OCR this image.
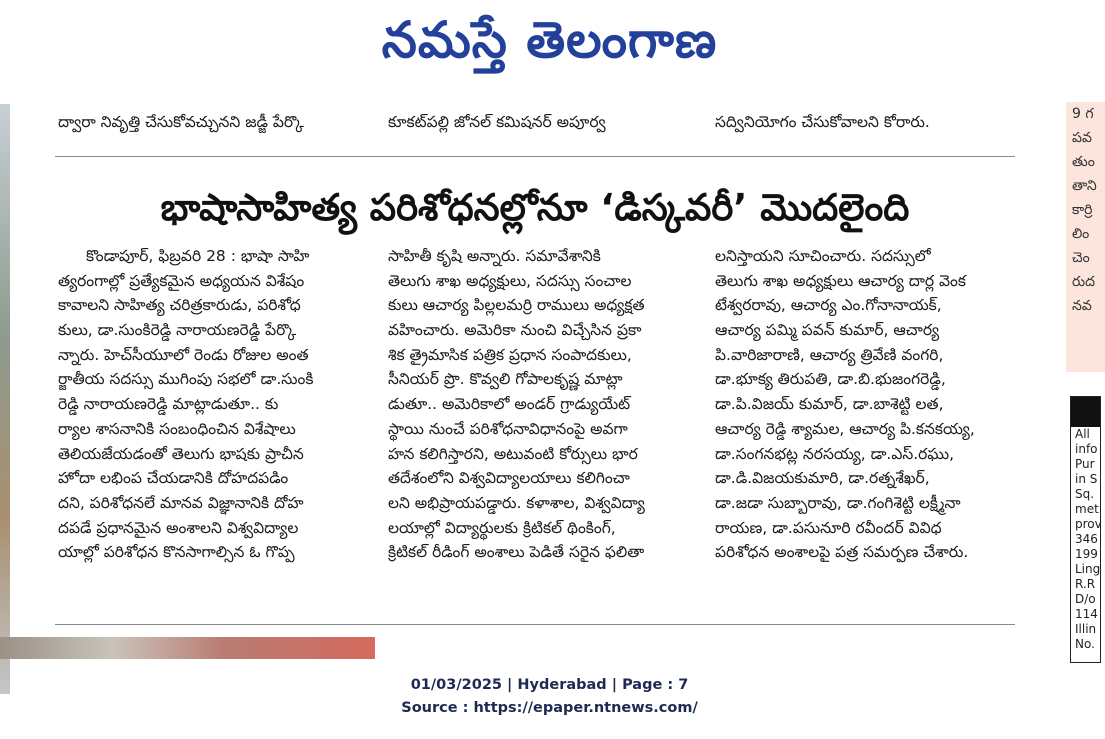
నమస్తే తెలంగాణ
ద్వారా నివృత్తి చేసుకోవచ్చునని జడ్జీ పేర్కొ	కూకట్‌పల్లి జోనల్ కమిషనర్ అపూర్వ	సద్వినియోగం చేసుకోవాలని కోరారు.
భాషాసాహిత్య పరిశోధనల్లోనూ ‘డిస్కవరీ’ మొదలైంది
కొండాపూర్, ఫిబ్రవరి 28 : భాషా సాహి
త్యరంగాల్లో ప్రత్యేకమైన అధ్యయన విశేషం
కావాలని సాహిత్య చరిత్రకారుడు, పరిశోధ
కులు, డా.సుంకిరెడ్డి నారాయణరెడ్డి పేర్కొ
న్నారు. హెచ్‌సీయూలో రెండు రోజుల అంత
ర్జాతీయ సదస్సు ముగింపు సభలో డా.సుంకి
రెడ్డి నారాయణరెడ్డి మాట్లాడుతూ.. కు
ర్యాల శాసనానికి సంబంధించిన విశేషాలు
తెలియజేయడంతో తెలుగు భాషకు ప్రాచీన
హోదా లభింప చేయడానికి దోహదపడిం
దని, పరిశోధనలే మానవ విజ్ఞానానికి దోహ
దపడే ప్రధానమైన అంశాలని విశ్వవిద్యాల
యాల్లో పరిశోధన కొనసాగాల్సిన ఓ గొప్ప
సాహితీ కృషి అన్నారు. సమావేశానికి
తెలుగు శాఖ అధ్యక్షులు, సదస్సు సంచాల
కులు ఆచార్య పిల్లలమర్రి రాములు అధ్యక్షత
వహించారు. అమెరికా నుంచి విచ్చేసిన ప్రకా
శిక త్రైమాసిక పత్రిక ప్రధాన సంపాదకులు,
సీనియర్ ప్రొ. కొవ్వలి గోపాలకృష్ణ మాట్లా
డుతూ.. అమెరికాలో అండర్ గ్రాడ్యుయేట్
స్థాయి నుంచే పరిశోధనావిధానంపై అవగా
హన కలిగిస్తారని, అటువంటి కోర్సులు భార
తదేశంలోని విశ్వవిద్యాలయాలు కలిగించా
లని అభిప్రాయపడ్డారు. కళాశాల, విశ్వవిద్యా
లయాల్లో విద్యార్థులకు క్రిటికల్ థింకింగ్,
క్రిటికల్ రీడింగ్ అంశాలు పెడితే సరైన ఫలితా
లనిస్తాయని సూచించారు. సదస్సులో
తెలుగు శాఖ అధ్యక్షులు ఆచార్య దార్ల వెంక
టేశ్వరరావు, ఆచార్య ఎం.గోనానాయక్,
ఆచార్య పమ్మి పవన్ కుమార్, ఆచార్య
పి.వారిజారాణి, ఆచార్య త్రివేణి వంగరి,
డా.భూక్య తిరుపతి, డా.బి.భుజంగరెడ్డి,
డా.పి.విజయ్ కుమార్, డా.బాశెట్టి లత,
ఆచార్య రెడ్డి శ్యామల, ఆచార్య పి.కనకయ్య,
డా.సంగనభట్ల నరసయ్య, డా.ఎస్.రఘు,
డా.డి.విజయకుమారి, డా.రత్నశేఖర్,
డా.జడా సుబ్బారావు, డా.గంగిశెట్టి లక్ష్మీనా
రాయణ, డా.పసునూరి రవీందర్ వివిధ
పరిశోధన అంశాలపై పత్ర సమర్పణ చేశారు.
9 గ
పవ
తుం
తాని
కార్రి
లిం
చెం
రుద
నవ
All
info
Pur
in S
Sq.
met
prov
346
199
Ling
R.R
D/o
114
Illin
No.
01/03/2025 | Hyderabad | Page : 7
Source : https://epaper.ntnews.com/
